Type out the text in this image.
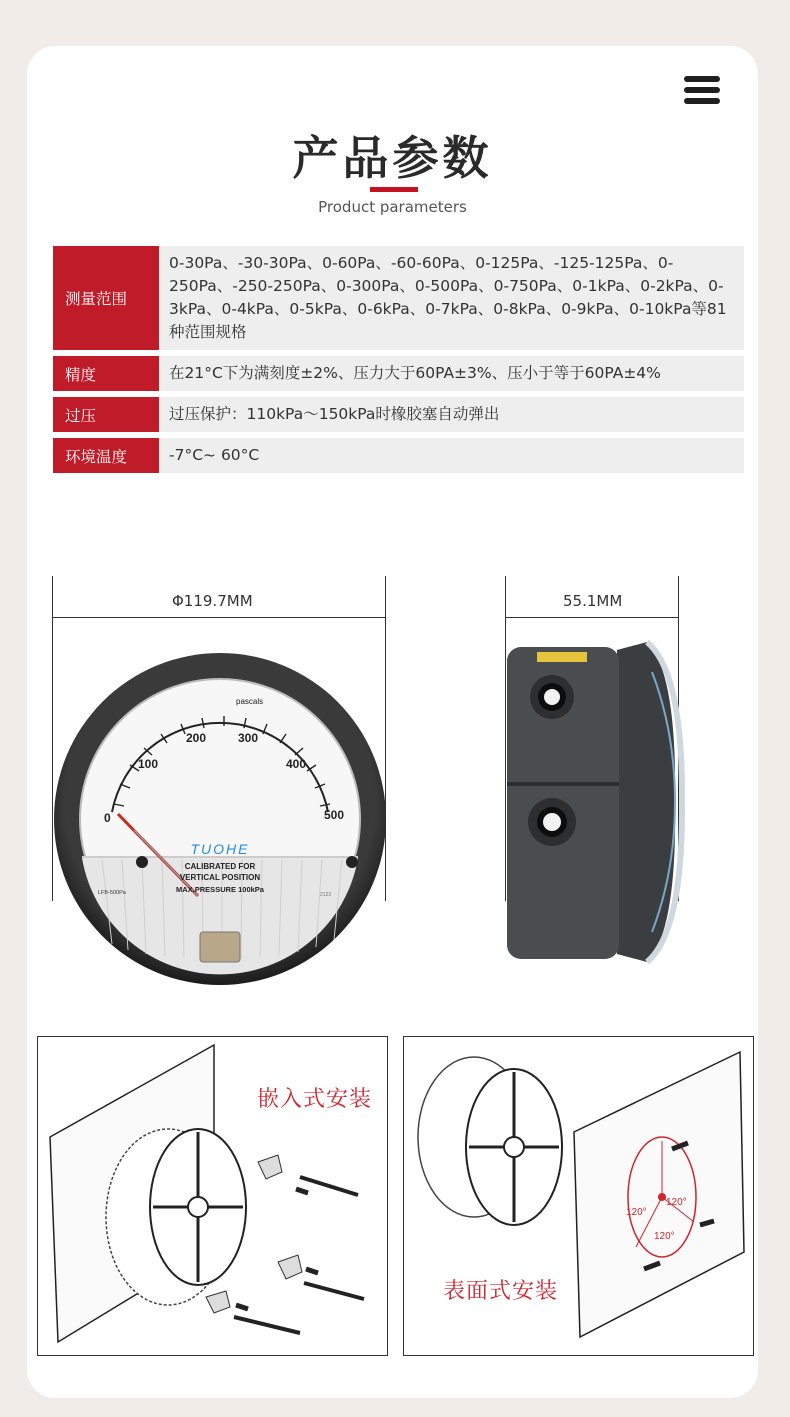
产品参数
Product parameters
测量范围	0-30Pa、-30-30Pa、0-60Pa、-60-60Pa、0-125Pa、-125-125Pa、0-250Pa、-250-250Pa、0-300Pa、0-500Pa、0-750Pa、0-1kPa、0-2kPa、0-3kPa、0-4kPa、0-5kPa、0-6kPa、0-7kPa、0-8kPa、0-9kPa、0-10kPa等81种范围规格
精度	在21°C下为满刻度±2%、压力大于60PA±3%、压小于等于60PA±4%
过压	过压保护：110kPa～150kPa时橡胶塞自动弹出
环境温度	-7°C~ 60°C
Φ119.7MM	55.1MM
pascals
0
100
200	300
400
500
TUOHE
CALIBRATED FOR
VERTICAL POSITION
MAX.PRESSURE 100kPa
LFB-500Pa	2123
嵌入式安装
120°
120°
120°
表面式安装
